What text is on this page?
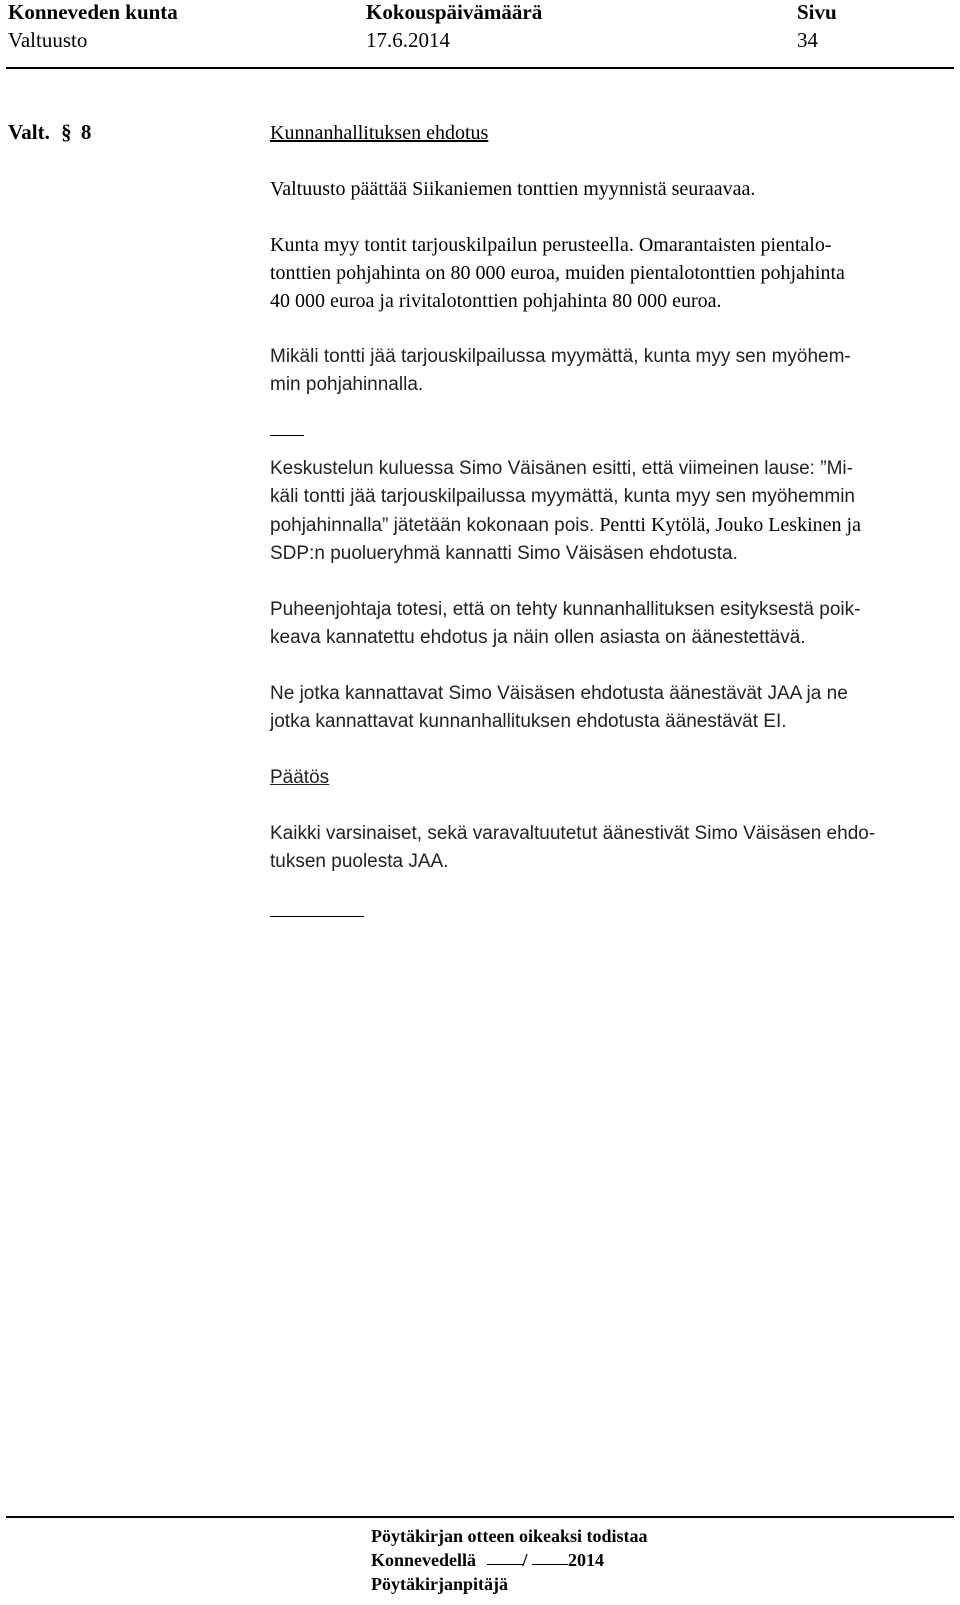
Konneveden kunta
Valtuusto
Kokouspäivämäärä
17.6.2014
Sivu
34
Valt. § 8	Kunnanhallituksen ehdotus

Valtuusto päättää Siikaniemen tonttien myynnistä seuraavaa.

Kunta myy tontit tarjouskilpailun perusteella. Omarantaisten pientalo-

tonttien pohjahinta on 80 000 euroa, muiden pientalotonttien pohjahinta

40 000 euroa ja rivitalotonttien pohjahinta 80 000 euroa.

Mikäli tontti jää tarjouskilpailussa myymättä, kunta myy sen myöhem-

min pohjahinnalla.

Keskustelun kuluessa Simo Väisänen esitti, että viimeinen lause: ”Mi-

käli tontti jää tarjouskilpailussa myymättä, kunta myy sen myöhemmin

pohjahinnalla” jätetään kokonaan pois. Pentti Kytölä, Jouko Leskinen ja

SDP:n puolueryhmä kannatti Simo Väisäsen ehdotusta.

Puheenjohtaja totesi, että on tehty kunnanhallituksen esityksestä poik-

keava kannatettu ehdotus ja näin ollen asiasta on äänestettävä.

Ne jotka kannattavat Simo Väisäsen ehdotusta äänestävät JAA ja ne

jotka kannattavat kunnanhallituksen ehdotusta äänestävät EI.

Päätös

Kaikki varsinaiset, sekä varavaltuutetut äänestivät Simo Väisäsen ehdo-

tuksen puolesta JAA.

Pöytäkirjan otteen oikeaksi todistaa
Konnevedellä	/ 2014
Pöytäkirjanpitäjä
